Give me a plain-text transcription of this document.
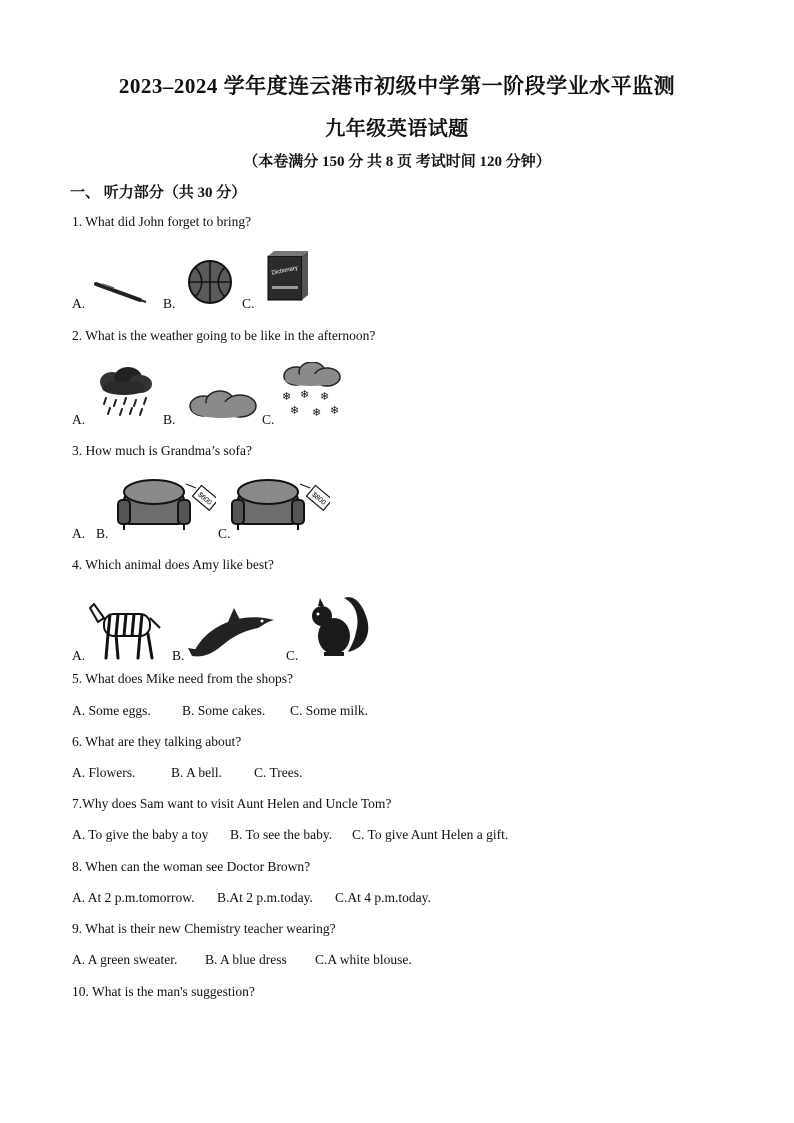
2023–2024 学年度连云港市初级中学第一阶段学业水平监测
九年级英语试题
（本卷满分 150 分 共 8 页 考试时间 120 分钟）
一、 听力部分（共 30 分）
1. What did John forget to bring?
A.	B.	C.
Dictionary
2. What is the weather going to be like in the afternoon?
A.	B.	C.
❄ ❄ ❄
❄ ❄ ❄
3. How much is Grandma’s sofa?
A. B.
$600
C.
$800
4. Which animal does Amy like best?
A.	B.	C.
5. What does Mike need from the shops?
A. Some eggs. B. Some cakes. C. Some milk.
6. What are they talking about?
A. Flowers.	B. A bell. C. Trees.
7.Why does Sam want to visit Aunt Helen and Uncle Tom?
A. To give the baby a toy B. To see the baby. C. To give Aunt Helen a gift.
8. When can the woman see Doctor Brown?
A. At 2 p.m.tomorrow. B.At 2 p.m.today. C.At 4 p.m.today.
9. What is their new Chemistry teacher wearing?
A. A green sweater. B. A blue dress C.A white blouse.
10. What is the man's suggestion?
